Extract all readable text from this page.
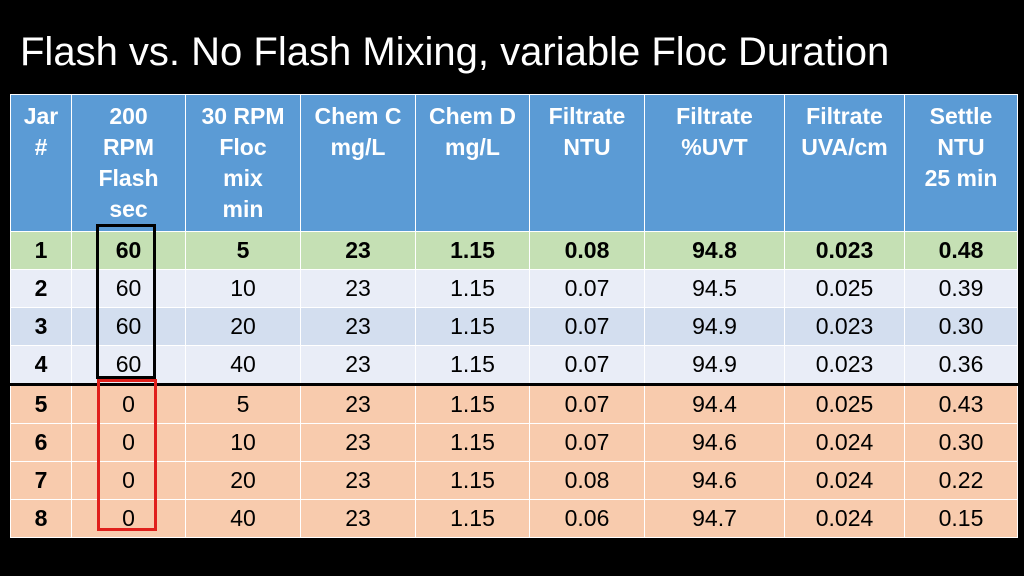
Flash vs. No Flash Mixing, variable Floc Duration
Jar
#	200
RPM
Flash
sec	30 RPM
Floc
mix
min	Chem C
mg/L	Chem D
mg/L	Filtrate
NTU	Filtrate
%UVT	Filtrate
UVA/cm	Settle
NTU
25 min
1	60	5	23	1.15	0.08	94.8	0.023	0.48
2	60	10	23	1.15	0.07	94.5	0.025	0.39
3	60	20	23	1.15	0.07	94.9	0.023	0.30
4	60	40	23	1.15	0.07	94.9	0.023	0.36
5	0	5	23	1.15	0.07	94.4	0.025	0.43
6	0	10	23	1.15	0.07	94.6	0.024	0.30
7	0	20	23	1.15	0.08	94.6	0.024	0.22
8	0	40	23	1.15	0.06	94.7	0.024	0.15
